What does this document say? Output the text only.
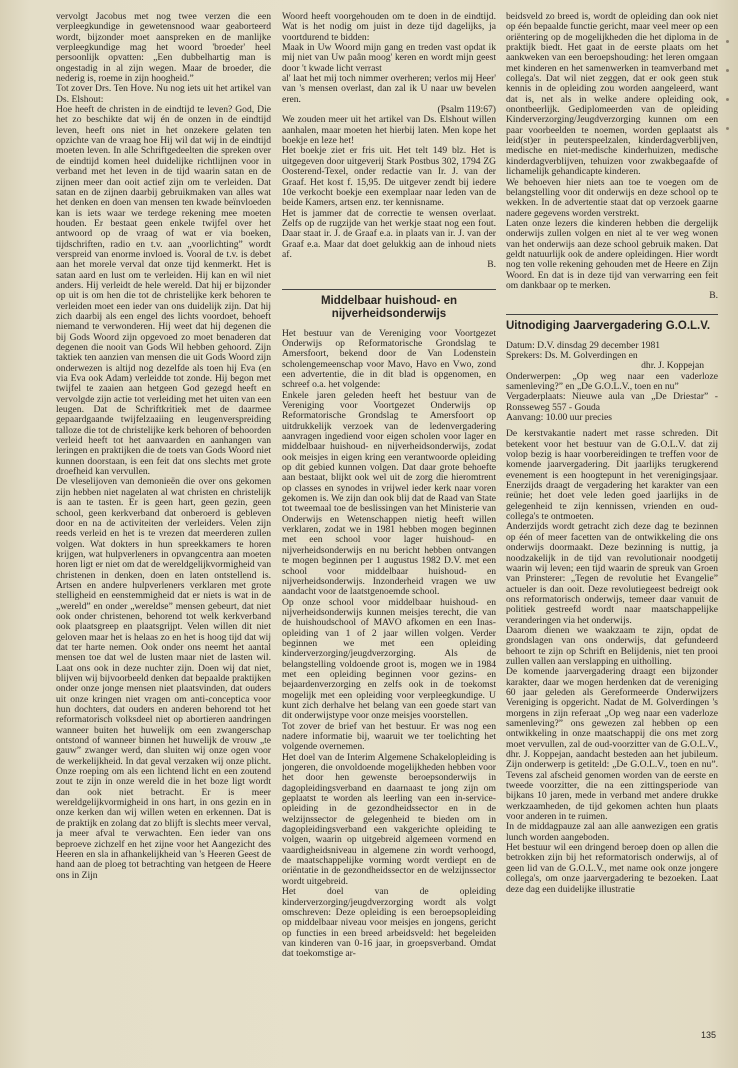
vervolgt Jacobus met nog twee verzen die een verpleegkundige in gewetensnood waar geaborteerd wordt, bijzonder moet aanspreken en de manlijke verpleegkundige mag het woord 'broeder' heel persoonlijk opvatten: „Een dubbelhartig man is ongestadig in al zijn wegen. Maar de broeder, die nederig is, roeme in zijn hoogheid.”
Tot zover Drs. Ten Hove. Nu nog iets uit het artikel van Ds. Elshout:
Hoe heeft de christen in de eindtijd te leven? God, Die het zo beschikte dat wij én de onzen in de eindtijd leven, heeft ons niet in het onzekere gelaten ten opzichte van de vraag hoe Hij wil dat wij in de eindtijd moeten leven. In alle Schriftgedeelten die spreken over de eindtijd komen heel duidelijke richtlijnen voor in verband met het leven in de tijd waarin satan en de zijnen meer dan ooit actief zijn om te verleiden. Dat satan en de zijnen daarbij gebruikmaken van alles wat het denken en doen van mensen ten kwade beïnvloeden kan is iets waar we terdege rekening mee moeten houden. Er bestaat geen enkele twijfel over het antwoord op de vraag of wat er via boeken, tijdschriften, radio en t.v. aan „voorlichting” wordt verspreid van enorme invloed is. Vooral de t.v. is debet aan het morele verval dat onze tijd kenmerkt. Het is satan aard en lust om te verleiden. Hij kan en wil niet anders. Hij verleidt de hele wereld. Dat hij er bijzonder op uit is om hen die tot de christelijke kerk behoren te verleiden moet een ieder van ons duidelijk zijn. Dat hij zich daarbij als een engel des lichts voordoet, behoeft niemand te verwonderen. Hij weet dat hij degenen die bij Gods Woord zijn opgevoed zo moet benaderen dat degenen die nooit van Gods Wil hebben gehoord. Zijn taktiek ten aanzien van mensen die uit Gods Woord zijn onderwezen is altijd nog dezelfde als toen hij Eva (en via Eva ook Adam) verleidde tot zonde. Hij begon met twijfel te zaaien aan hetgeen God gezegd heeft en vervolgde zijn actie tot verleiding met het uiten van een leugen. Dat de Schriftkritiek met de daarmee gepaardgaande twijfelzaaiing en leugenverspreiding talloze die tot de christelijke kerk behoren of behoorden verleid heeft tot het aanvaarden en aanhangen van leringen en praktijken die de toets van Gods Woord niet kunnen doorstaan, is een feit dat ons slechts met grote droefheid kan vervullen.
De vleselijoven van demonieën die over ons gekomen zijn hebben niet nagelaten al wat christen en christelijk is aan te tasten. Er is geen hart, geen gezin, geen school, geen kerkverband dat onberoerd is gebleven door en na de activiteiten der verleiders. Velen zijn reeds verleid en het is te vrezen dat meerderen zullen volgen. Wat dokters in hun spreekkamers te horen krijgen, wat hulpverleners in opvangcentra aan moeten horen ligt er niet om dat de wereldgelijkvormigheid van christenen in denken, doen en laten ontstellend is. Artsen en andere hulpverleners verklaren met grote stelligheid en eenstemmigheid dat er niets is wat in de „wereld” en onder „wereldse” mensen gebeurt, dat niet ook onder christenen, behorend tot welk kerkverband ook plaatsgreep en plaatsgrijpt. Velen willen dit niet geloven maar het is helaas zo en het is hoog tijd dat wij dat ter harte nemen. Ook onder ons neemt het aantal mensen toe dat wel de lusten maar niet de lasten wil. Laat ons ook in deze nuchter zijn. Doen wij dat niet, blijven wij bijvoorbeeld denken dat bepaalde praktijken onder onze jonge mensen niet plaatsvinden, dat ouders uit onze kringen niet vragen om anti-conceptica voor hun dochters, dat ouders en anderen behorend tot het reformatorisch volksdeel niet op abortieren aandringen wanneer buiten het huwelijk om een zwangerschap ontstond of wanneer binnen het huwelijk de vrouw „te gauw” zwanger werd, dan sluiten wij onze ogen voor de werkelijkheid. In dat geval verzaken wij onze plicht. Onze roeping om als een lichtend licht en een zoutend zout te zijn in onze wereld die in het boze ligt wordt dan ook niet betracht. Er is meer wereldgelijkvormigheid in ons hart, in ons gezin en in onze kerken dan wij willen weten en erkennen. Dat is de praktijk en zolang dat zo blijft is slechts meer verval, ja meer afval te verwachten. Een ieder van ons beproeve zichzelf en het zijne voor het Aangezicht des Heeren en sla in afhankelijkheid van 's Heeren Geest de hand aan de ploeg tot betrachting van hetgeen de Heere ons in Zijn

Woord heeft voorgehouden om te doen in de eindtijd. Wat is het nodig om juist in deze tijd dagelijks, ja voortdurend te bidden:
Maak in Uw Woord mijn gang en treden vast opdat ik mij niet van Uw paân moog' keren en wordt mijn geest door 't kwade licht verrast
al' laat het mij toch nimmer overheren; verlos mij Heer' van 's mensen overlast, dan zal ik U naar uw bevelen eren.

(Psalm 119:67)

We zouden meer uit het artikel van Ds. Elshout willen aanhalen, maar moeten het hierbij laten. Men kope het boekje en leze het!
Het boekje ziet er fris uit. Het telt 149 blz. Het is uitgegeven door uitgeverij Stark Postbus 302, 1794 ZG Oosterend-Texel, onder redactie van Ir. J. van der Graaf. Het kost f. 15,95. De uitgever zendt bij iedere 10e verkocht boekje een exemplaar naar leden van de beide Kamers, artsen enz. ter kennisname.
Het is jammer dat de correctie te wensen overlaat. Zelfs op de rugzijde van het werkje staat nog een fout. Daar staat ir. J. de Graaf e.a. in plaats van ir. J. van der Graaf e.a. Maar dat doet gelukkig aan de inhoud niets af.

B.

Middelbaar huishoud- en nijverheidsonderwijs

Het bestuur van de Vereniging voor Voortgezet Onderwijs op Reformatorische Grondslag te Amersfoort, bekend door de Van Lodenstein scholengemeenschap voor Mavo, Havo en Vwo, zond een advertentie, die in dit blad is opgenomen, en schreef o.a. het volgende:
Enkele jaren geleden heeft het bestuur van de Vereniging voor Voortgezet Onderwijs op Reformatorische Grondslag te Amersfoort op uitdrukkelijk verzoek van de ledenvergadering aanvragen ingediend voor eigen scholen voor lager en middelbaar huishoud- en nijverheidsonderwijs, zodat ook meisjes in eigen kring een verantwoorde opleiding op dit gebied kunnen volgen. Dat daar grote behoefte aan bestaat, blijkt ook wel uit de zorg die hieromtrent op classes en synodes in vrijwel ieder kerk naar voren gekomen is. We zijn dan ook blij dat de Raad van State tot tweemaal toe de beslissingen van het Ministerie van Onderwijs en Wetenschappen nietig heeft willen verklaren, zodat we in 1981 hebben mogen beginnen met een school voor lager huishoud- en nijverheidsonderwijs en nu bericht hebben ontvangen te mogen beginnen per 1 augustus 1982 D.V. met een school voor middelbaar huishoud- en nijverheidsonderwijs. Inzonderheid vragen we uw aandacht voor de laatstgenoemde school.
Op onze school voor middelbaar huishoud- en nijverheidsonderwijs kunnen meisjes terecht, die van de huishoudschool of MAVO afkomen en een Inas-opleiding van 1 of 2 jaar willen volgen. Verder beginnen we met een opleiding kinderverzorging/jeugdverzorging. Als de belangstelling voldoende groot is, mogen we in 1984 met een opleiding beginnen voor gezins- en bejaardenverzorging en zelfs ook in de toekomst mogelijk met een opleiding voor verpleegkundige. U kunt zich derhalve het belang van een goede start van dit onderwijstype voor onze meisjes voorstellen.
Tot zover de brief van het bestuur. Er was nog een nadere informatie bij, waaruit we ter toelichting het volgende overnemen.
Het doel van de Interim Algemene Schakelopleiding is jongeren, die onvoldoende mogelijkheden hebben voor het door hen gewenste beroepsonderwijs in dagopleidingsverband en daarnaast te jong zijn om geplaatst te worden als leerling van een in-service-opleiding in de gezondheidssector en in de welzijnssector de gelegenheid te bieden om in dagopleidingsverband een vakgerichte opleiding te volgen, waarin op uitgebreid algemeen vormend en vaardigheidsniveau in algemene zin wordt verhoogd, de maatschappelijke vorming wordt verdiept en de oriëntatie in de gezondheidssector en de welzijnssector wordt uitgebreid.
Het doel van de opleiding kinderverzorging/jeugdverzorging wordt als volgt omschreven: Deze opleiding is een beroepsopleiding op middelbaar niveau voor meisjes en jongens, gericht op functies in een breed arbeidsveld: het begeleiden van kinderen van 0-16 jaar, in groepsverband. Omdat dat toekomstige ar-

beidsveld zo breed is, wordt de opleiding dan ook niet op één bepaalde functie gericht, maar veel meer op een oriëntering op de mogelijkheden die het diploma in de praktijk biedt. Het gaat in de eerste plaats om het aankweken van een beroepshouding: het leren omgaan met kinderen en het samenwerken in teamverband met collega's. Dat wil niet zeggen, dat er ook geen stuk kennis in de opleiding zou worden aangeleerd, want dat is, net als in welke andere opleiding ook, onontbeerlijk. Gediplomeerden van de opleiding Kinderverzorging/Jeugdverzorging kunnen om een paar voorbeelden te noemen, worden geplaatst als leid(st)er in peuterspeelzalen, kinderdagverblijven, medische en niet-medische kinderhuizen, medische kinderdagverblijven, tehuizen voor zwakbegaafde of lichamelijk gehandicapte kinderen.
We behoeven hier niets aan toe te voegen om de belangstelling voor dit onderwijs en deze school op te wekken. In de advertentie staat dat op verzoek gaarne nadere gegevens worden verstrekt.
Laten onze lezers die kinderen hebben die dergelijk onderwijs zullen volgen en niet al te ver weg wonen van het onderwijs aan deze school gebruik maken. Dat geldt natuurlijk ook de andere opleidingen. Hier wordt nog ten volle rekening gehouden met de Heere en Zijn Woord. En dat is in deze tijd van verwarring een feit om dankbaar op te merken.

B.

Uitnodiging Jaarvergadering G.O.L.V.
Datum: D.V. dinsdag 29 december 1981
Sprekers: Ds. M. Golverdingen en
dhr. J. Koppejan
Onderwerpen: „Op weg naar een vaderloze samenleving?” en „De G.O.L.V., toen en nu”
Vergaderplaats: Nieuwe aula van „De Driestar” - Ronsseweg 557 - Gouda
Aanvang: 10.00 uur precies

De kerstvakantie nadert met rasse schreden. Dit betekent voor het bestuur van de G.O.L.V. dat zij volop bezig is haar voorbereidingen te treffen voor de komende jaarvergadering. Dit jaarlijks terugkerend evenement is een hoogtepunt in het verenigingsjaar. Enerzijds draagt de vergadering het karakter van een reünie; het doet vele leden goed jaarlijks in de gelegenheid te zijn kennissen, vrienden en oud-collega's te ontmoeten.
Anderzijds wordt getracht zich deze dag te bezinnen op één of meer facetten van de ontwikkeling die ons onderwijs doormaakt. Deze bezinning is nuttig, ja noodzakelijk in de tijd van revolutionair noodgetij waarin wij leven; een tijd waarin de spreuk van Groen van Prinsterer: „Tegen de revolutie het Evangelie” actueler is dan ooit. Deze revolutiegeest bedreigt ook ons reformatorisch onderwijs, temeer daar vanuit de politiek gestreefd wordt naar maatschappelijke veranderingen via het onderwijs.
Daarom dienen we waakzaam te zijn, opdat de grondslagen van ons onderwijs, dat gefundeerd behoort te zijn op Schrift en Belijdenis, niet ten prooi zullen vallen aan verslapping en uitholling.
De komende jaarvergadering draagt een bijzonder karakter, daar we mogen herdenken dat de vereniging 60 jaar geleden als Gereformeerde Onderwijzers Vereniging is opgericht. Nadat de M. Golverdingen 's morgens in zijn referaat „Op weg naar een vaderloze samenleving?” ons gewezen zal hebben op een ontwikkeling in onze maatschappij die ons met zorg moet vervullen, zal de oud-voorzitter van de G.O.L.V., dhr. J. Koppejan, aandacht besteden aan het jubileum. Zijn onderwerp is getiteld: „De G.O.L.V., toen en nu”. Tevens zal afscheid genomen worden van de eerste en tweede voorzitter, die na een zittingsperiode van bijkans 10 jaren, mede in verband met andere drukke werkzaamheden, de tijd gekomen achten hun plaats voor anderen in te ruimen.
In de middagpauze zal aan alle aanwezigen een gratis lunch worden aangeboden.
Het bestuur wil een dringend beroep doen op allen die betrokken zijn bij het reformatorisch onderwijs, al of geen lid van de G.O.L.V., met name ook onze jongere collega's, om onze jaarvergadering te bezoeken. Laat deze dag een duidelijke illustratie

135
